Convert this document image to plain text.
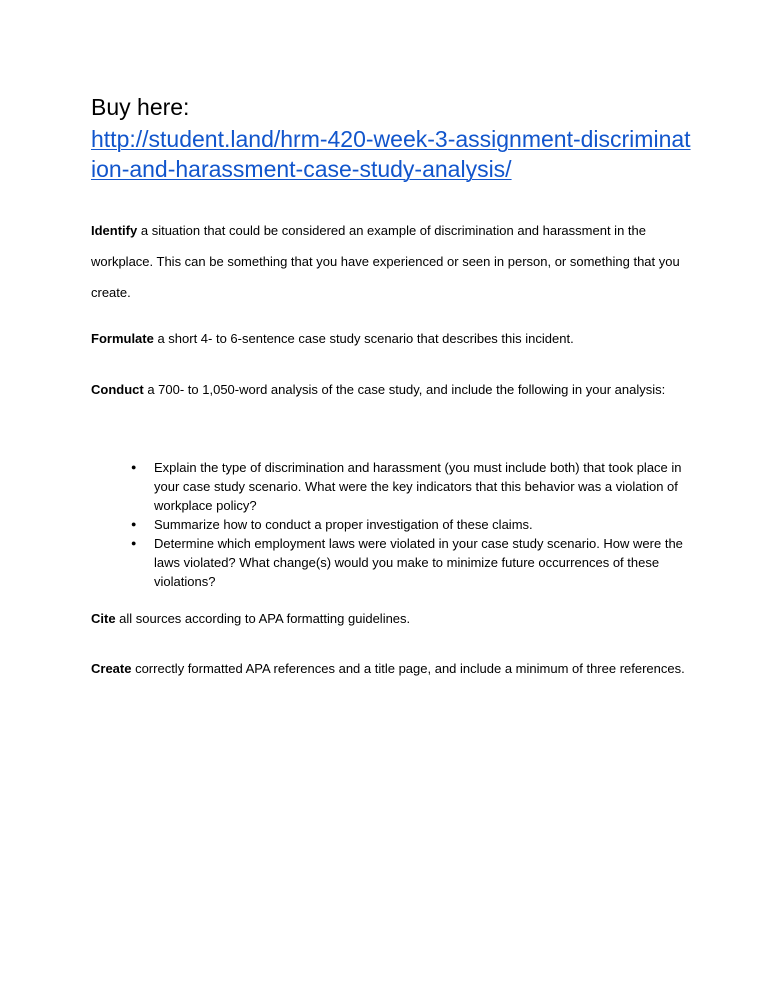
Buy here:
http://student.land/hrm-420-week-3-assignment-discrimination-and-harassment-case-study-analysis/
Identify a situation that could be considered an example of discrimination and harassment in the workplace. This can be something that you have experienced or seen in person, or something that you create.
Formulate a short 4- to 6-sentence case study scenario that describes this incident.
Conduct a 700- to 1,050-word analysis of the case study, and include the following in your analysis:
● Explain the type of discrimination and harassment (you must include both) that took place in your case study scenario. What were the key indicators that this behavior was a violation of workplace policy?
● Summarize how to conduct a proper investigation of these claims.
● Determine which employment laws were violated in your case study scenario. How were the laws violated? What change(s) would you make to minimize future occurrences of these violations?
Cite all sources according to APA formatting guidelines.
Create correctly formatted APA references and a title page, and include a minimum of three references.
